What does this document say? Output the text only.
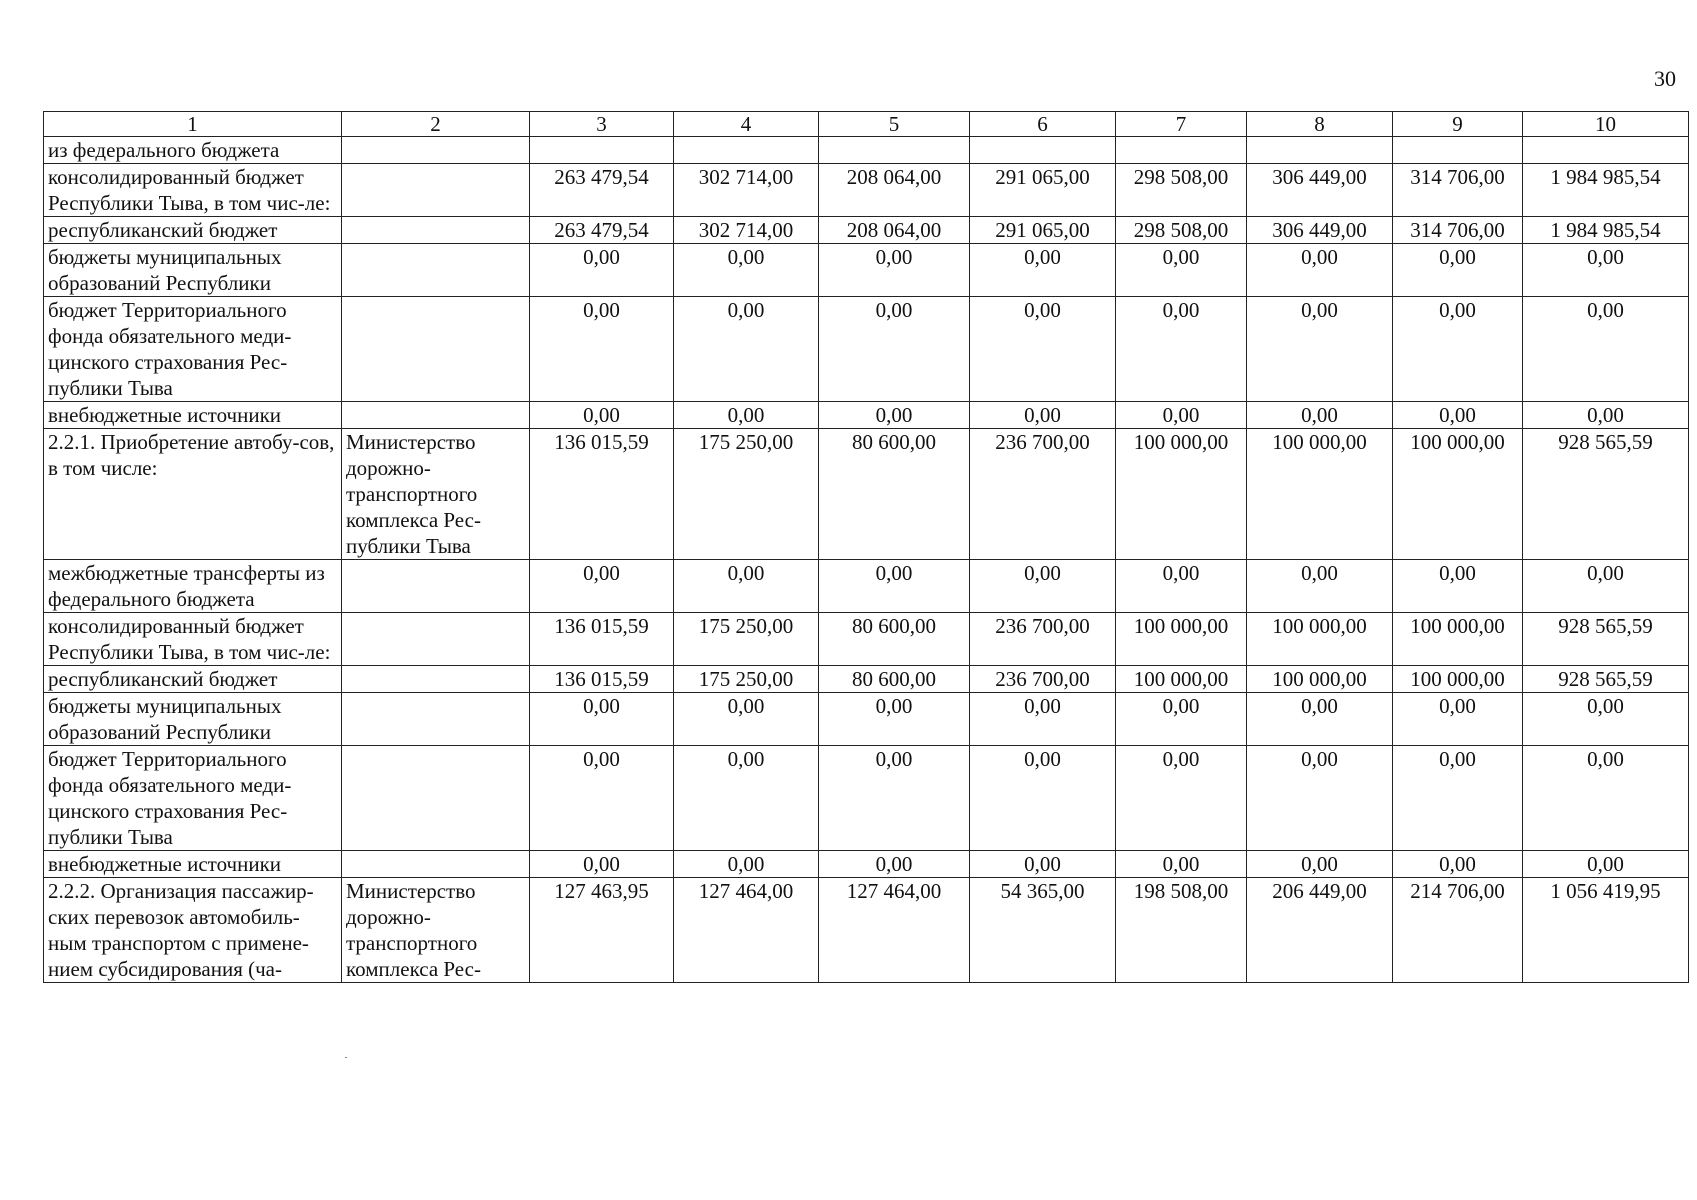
30
1	2	3	4	5	6	7	8	9	10
из федерального бюджета									
консолидированный бюджет Республики Тыва, в том чис-ле:		263 479,54	302 714,00	208 064,00	291 065,00	298 508,00	306 449,00	314 706,00	1 984 985,54
республиканский бюджет		263 479,54	302 714,00	208 064,00	291 065,00	298 508,00	306 449,00	314 706,00	1 984 985,54
бюджеты муниципальных образований Республики		0,00	0,00	0,00	0,00	0,00	0,00	0,00	0,00
бюджет Территориального фонда обязательного меди-цинского страхования Рес-публики Тыва		0,00	0,00	0,00	0,00	0,00	0,00	0,00	0,00
внебюджетные источники		0,00	0,00	0,00	0,00	0,00	0,00	0,00	0,00
2.2.1. Приобретение автобу-сов, в том числе:	Министерство дорожно-транспортного комплекса Рес-публики Тыва	136 015,59	175 250,00	80 600,00	236 700,00	100 000,00	100 000,00	100 000,00	928 565,59
межбюджетные трансферты из федерального бюджета		0,00	0,00	0,00	0,00	0,00	0,00	0,00	0,00
консолидированный бюджет Республики Тыва, в том чис-ле:		136 015,59	175 250,00	80 600,00	236 700,00	100 000,00	100 000,00	100 000,00	928 565,59
республиканский бюджет		136 015,59	175 250,00	80 600,00	236 700,00	100 000,00	100 000,00	100 000,00	928 565,59
бюджеты муниципальных образований Республики		0,00	0,00	0,00	0,00	0,00	0,00	0,00	0,00
бюджет Территориального фонда обязательного меди-цинского страхования Рес-публики Тыва		0,00	0,00	0,00	0,00	0,00	0,00	0,00	0,00
внебюджетные источники		0,00	0,00	0,00	0,00	0,00	0,00	0,00	0,00
2.2.2. Организация пассажир-ских перевозок автомобиль-ным транспортом с примене-нием субсидирования (ча-	Министерство дорожно-транспортного комплекса Рес-	127 463,95	127 464,00	127 464,00	54 365,00	198 508,00	206 449,00	214 706,00	1 056 419,95
